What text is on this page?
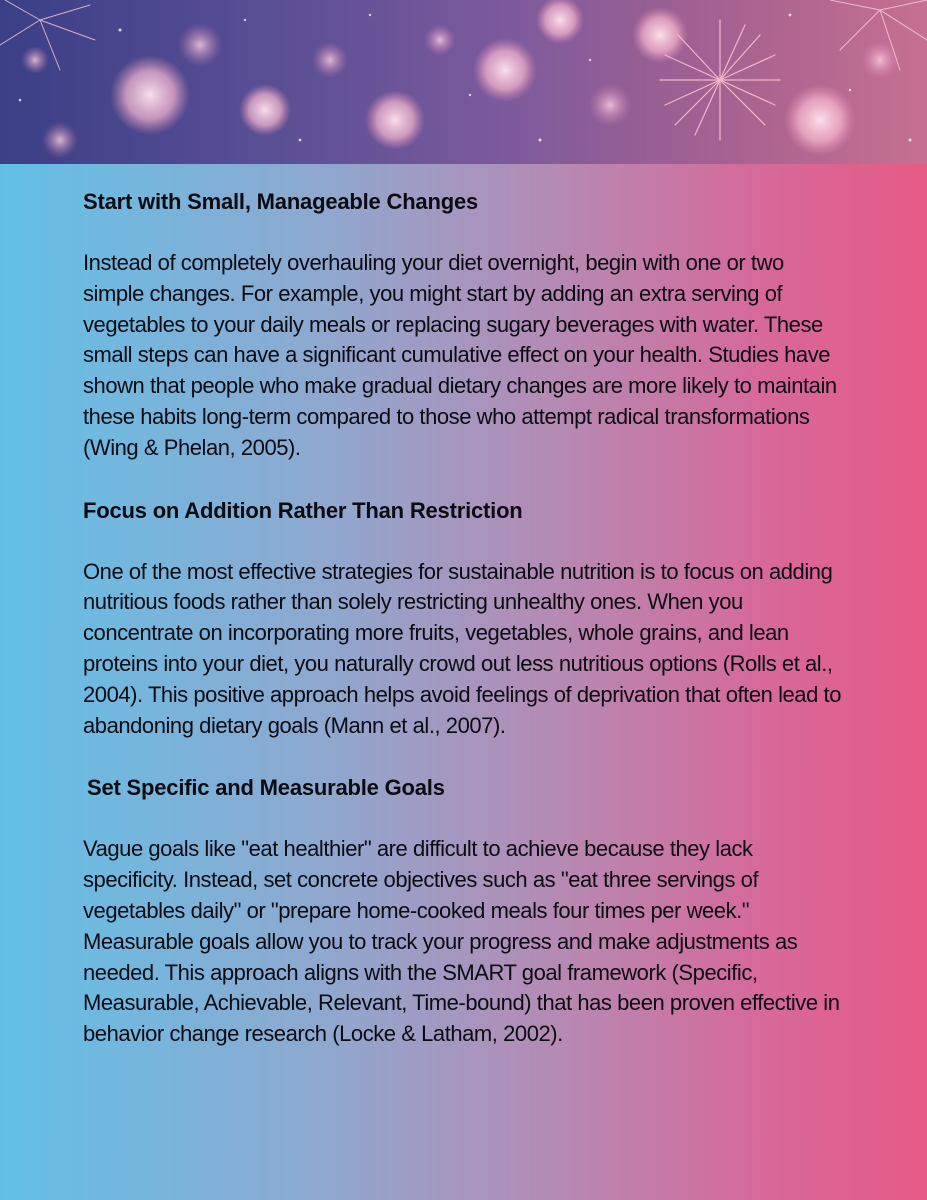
Start with Small, Manageable Changes

Instead of completely overhauling your diet overnight, begin with one or two simple changes. For example, you might start by adding an extra serving of vegetables to your daily meals or replacing sugary beverages with water. These small steps can have a significant cumulative effect on your health. Studies have shown that people who make gradual dietary changes are more likely to maintain these habits long-term compared to those who attempt radical transformations (Wing & Phelan, 2005).

Focus on Addition Rather Than Restriction

One of the most effective strategies for sustainable nutrition is to focus on adding nutritious foods rather than solely restricting unhealthy ones. When you concentrate on incorporating more fruits, vegetables, whole grains, and lean proteins into your diet, you naturally crowd out less nutritious options (Rolls et al., 2004). This positive approach helps avoid feelings of deprivation that often lead to abandoning dietary goals (Mann et al., 2007).

Set Specific and Measurable Goals

Vague goals like "eat healthier" are difficult to achieve because they lack specificity. Instead, set concrete objectives such as "eat three servings of vegetables daily" or "prepare home-cooked meals four times per week." Measurable goals allow you to track your progress and make adjustments as needed. This approach aligns with the SMART goal framework (Specific, Measurable, Achievable, Relevant, Time-bound) that has been proven effective in behavior change research (Locke & Latham, 2002).
